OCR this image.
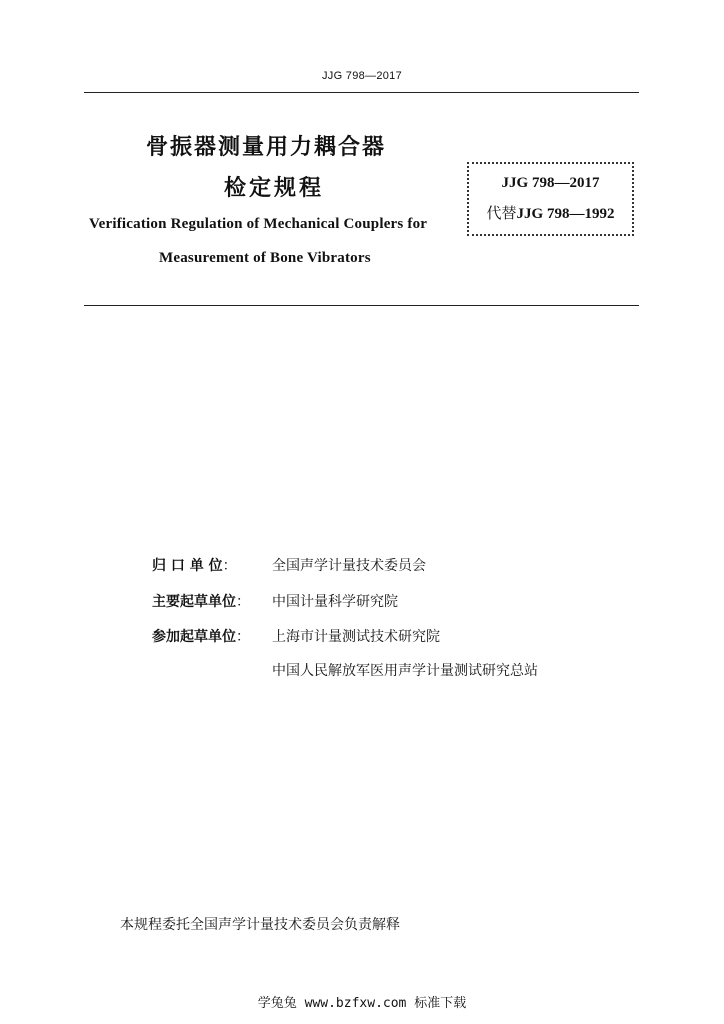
JJG 798—2017
骨振器测量用力耦合器
检定规程
Verification Regulation of Mechanical Couplers for
Measurement of Bone Vibrators
JJG 798—2017
代替JJG 798—1992
归 口 单 位：	全国声学计量技术委员会
主要起草单位： 中国计量科学研究院
参加起草单位： 上海市计量测试技术研究院
中国人民解放军医用声学计量测试研究总站
本规程委托全国声学计量技术委员会负责解释
学兔兔 www.bzfxw.com 标准下载
